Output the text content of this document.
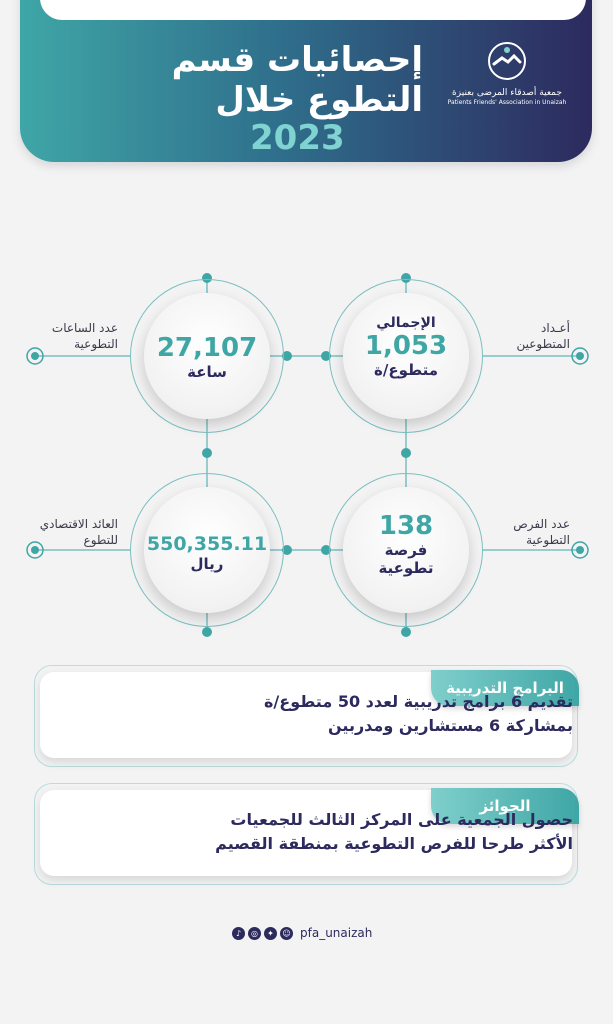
إحصائيات قسم
التطوع خلال
2023
جمعية أصدقاء المرضى بعنيزة
Patients Friends' Association in Unaizah
الإجمالي
1,053
متطوع/ة
أعـداد
المتطوعين
27,107
ساعة
عدد الساعات
التطوعية
138
فرصة
تطوعية
عدد الفرص
التطوعية
550,355.11
ريال
العائد الاقتصادي
للتطوع
البرامج التدريبية
تقديم 6 برامج تدريبية لعدد 50 متطوع/ة
بمشاركة 6 مستشارين ومدربين
الجوائز
حصول الجمعية على المركز الثالث للجمعيات
الأكثر طرحا للفرص التطوعية بمنطقة القصيم
♪	◎	✦	☺ pfa_unaizah
